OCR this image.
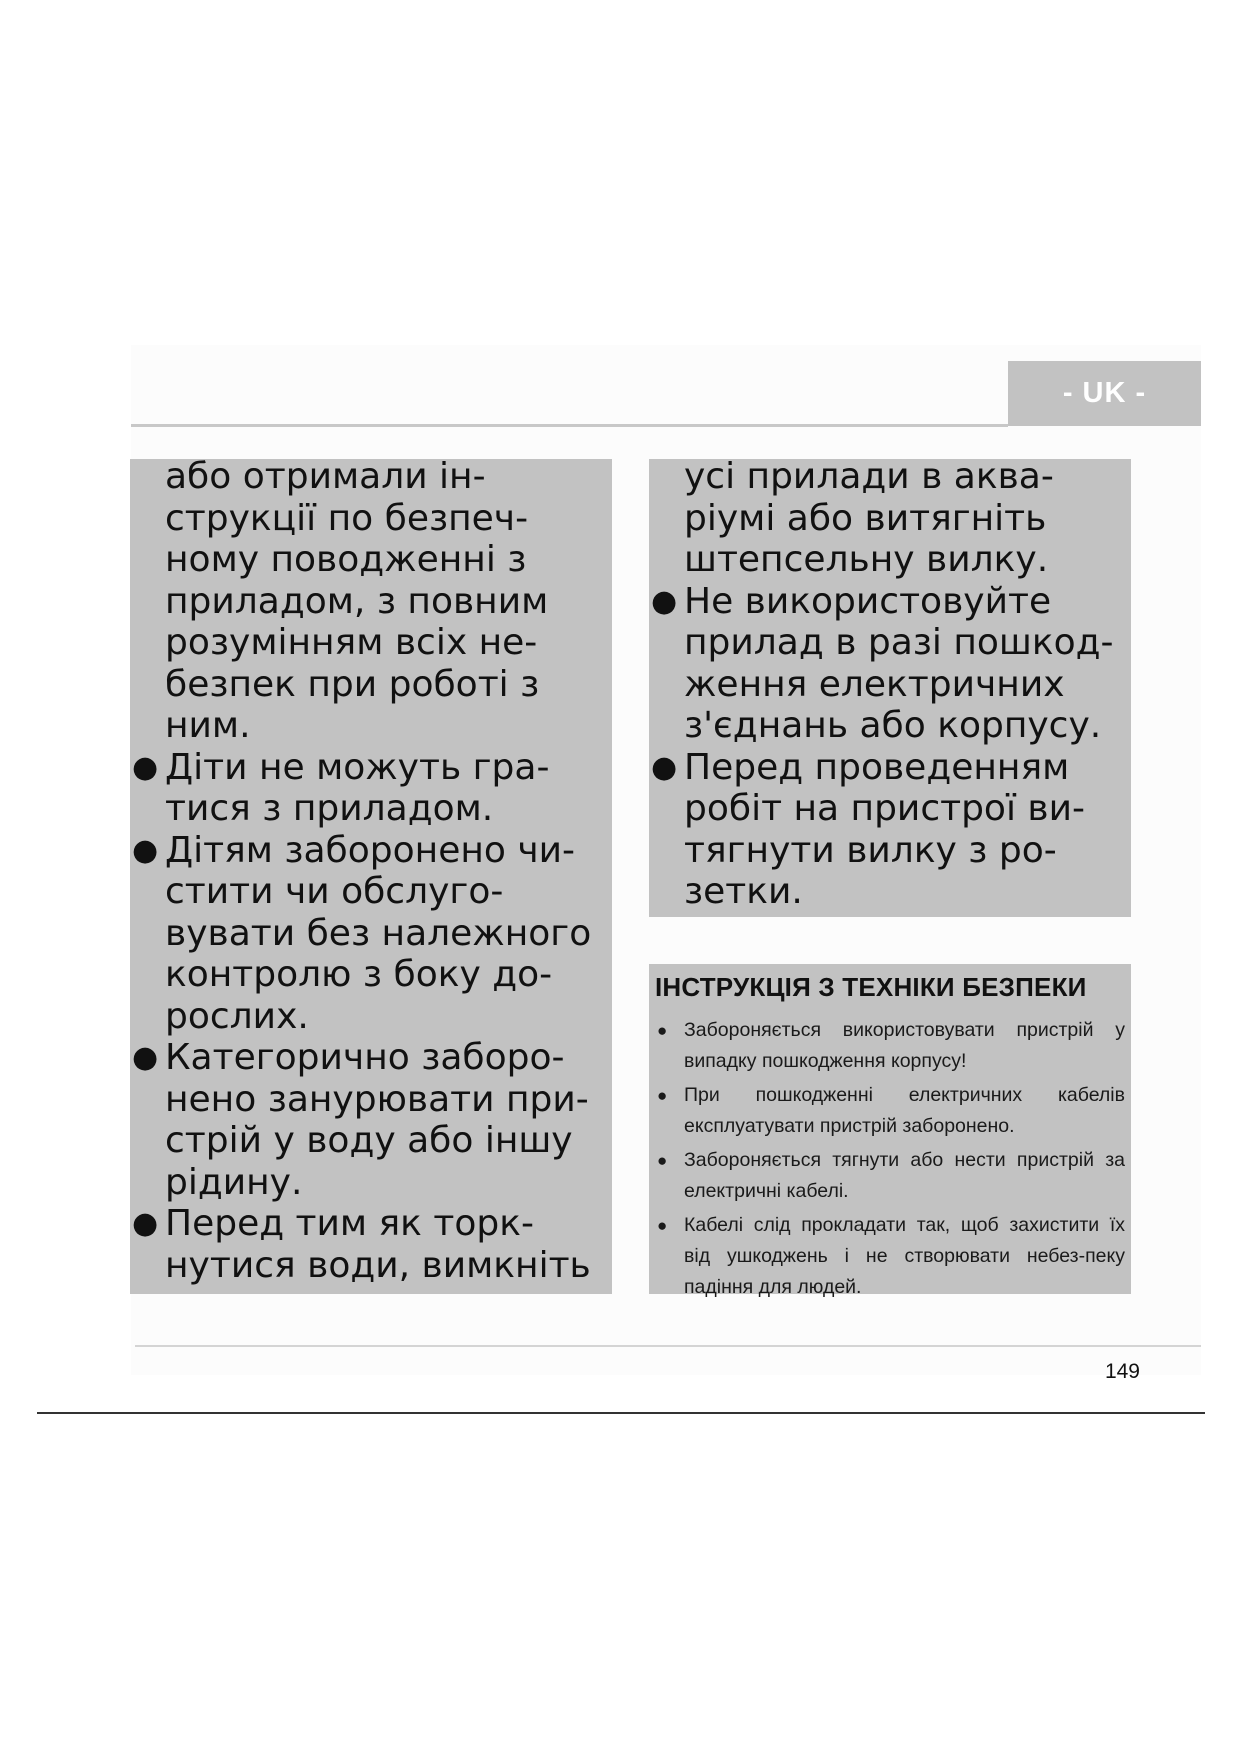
- UK -

або отримали ін-струкції по безпеч-ному поводженні з приладом, з повним розумінням всіх не-безпек при роботі з ним.

● Діти не можуть гра-тися з приладом.

● Дітям заборонено чи-стити чи обслуго-вувати без належного контролю з боку до-рослих.

● Категорично заборо-нено занурювати при-стрій у воду або іншу рідину.

● Перед тим як торк-нутися води, вимкніть

усі прилади в аква-ріумі або витягніть штепсельну вилку.

● Не використовуйте прилад в разі пошкод-ження електричних з'єднань або корпусу.

● Перед проведенням робіт на пристрої ви-тягнути вилку з ро-зетки.

ІНСТРУКЦІЯ З ТЕХНІКИ БЕЗПЕКИ
● Забороняється використовувати пристрій у випадку пошкодження корпусу!
● При пошкодженні електричних кабелів експлуатувати пристрій заборонено.
● Забороняється тягнути або нести пристрій за електричні кабелі.
● Кабелі слід прокладати так, щоб захистити їх від ушкоджень і не створювати небез-пеку падіння для людей.
149
